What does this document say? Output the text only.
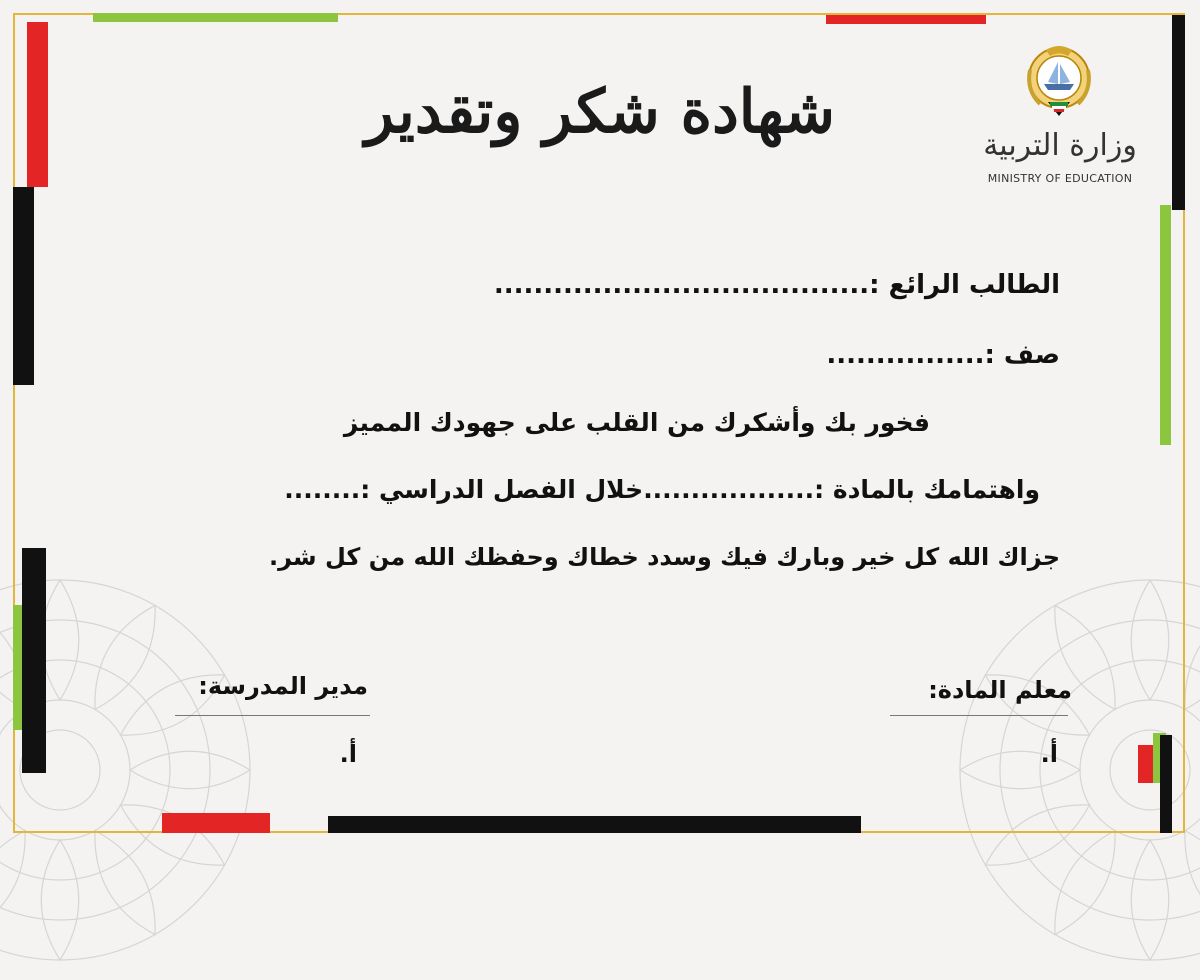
شهادة شكر وتقدير	وزارة التربية
MINISTRY OF EDUCATION
الطالب الرائع :......................................
صف :................
فخور بك وأشكرك من القلب على جهودك المميز
واهتمامك بالمادة :..................خلال الفصل الدراسي :........
جزاك الله كل خير وبارك فيك وسدد خطاك وحفظك الله من كل شر.
معلم المادة:
أ.
مدير المدرسة:
أ.
